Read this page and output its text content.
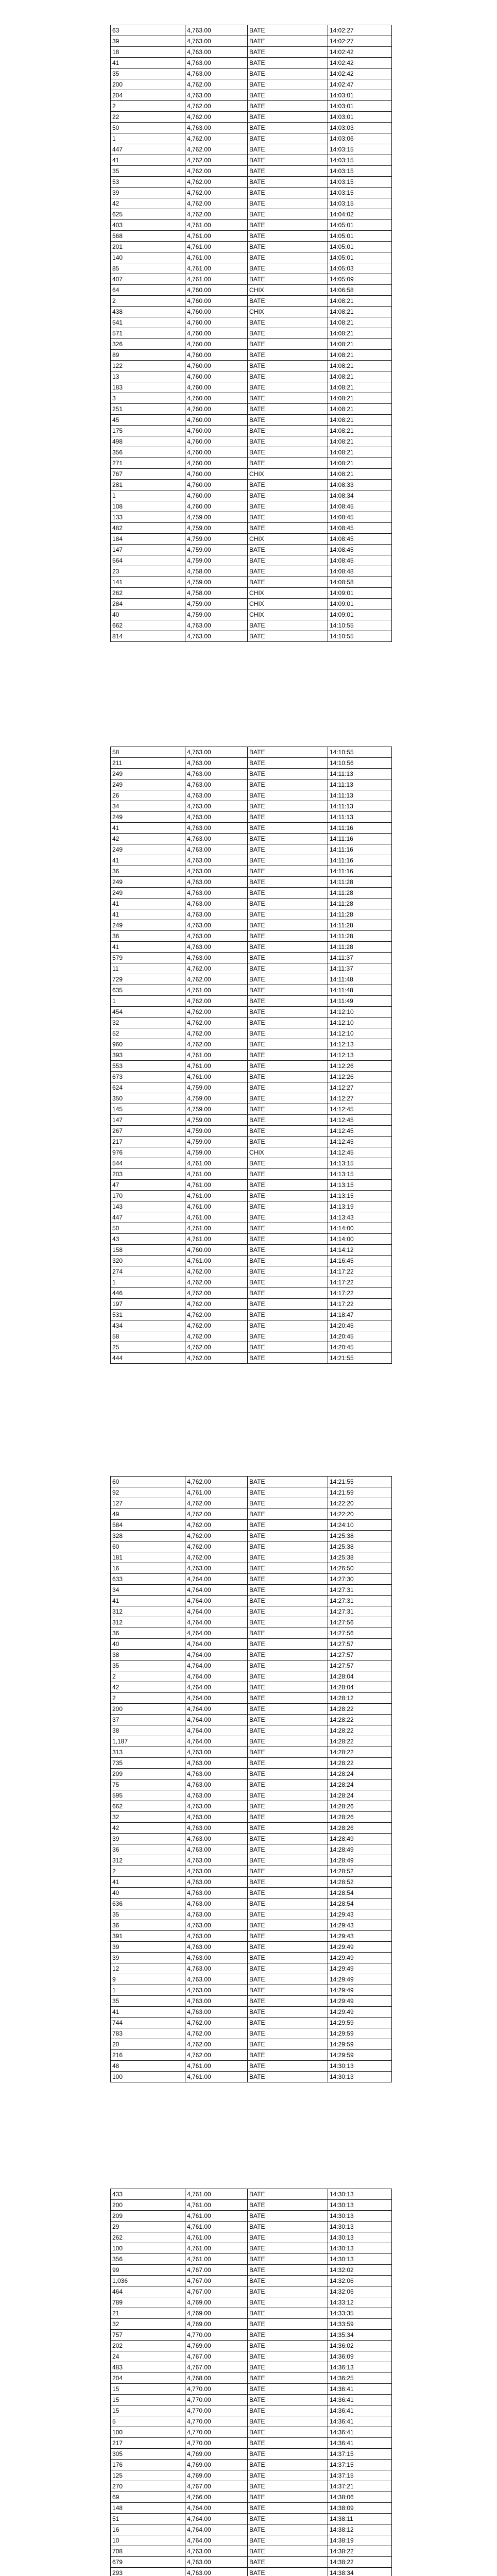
63	4,763.00	BATE	14:02:27
39	4,763.00	BATE	14:02:27
18	4,763.00	BATE	14:02:42
41	4,763.00	BATE	14:02:42
35	4,763.00	BATE	14:02:42
200	4,762.00	BATE	14:02:47
204	4,763.00	BATE	14:03:01
2	4,762.00	BATE	14:03:01
22	4,762.00	BATE	14:03:01
50	4,763.00	BATE	14:03:03
1	4,762.00	BATE	14:03:06
447	4,762.00	BATE	14:03:15
41	4,762.00	BATE	14:03:15
35	4,762.00	BATE	14:03:15
53	4,762.00	BATE	14:03:15
39	4,762.00	BATE	14:03:15
42	4,762.00	BATE	14:03:15
625	4,762.00	BATE	14:04:02
403	4,761.00	BATE	14:05:01
568	4,761.00	BATE	14:05:01
201	4,761.00	BATE	14:05:01
140	4,761.00	BATE	14:05:01
85	4,761.00	BATE	14:05:03
407	4,761.00	BATE	14:05:09
64	4,760.00	CHIX	14:06:58
2	4,760.00	BATE	14:08:21
438	4,760.00	CHIX	14:08:21
541	4,760.00	BATE	14:08:21
571	4,760.00	BATE	14:08:21
326	4,760.00	BATE	14:08:21
89	4,760.00	BATE	14:08:21
122	4,760.00	BATE	14:08:21
13	4,760.00	BATE	14:08:21
183	4,760.00	BATE	14:08:21
3	4,760.00	BATE	14:08:21
251	4,760.00	BATE	14:08:21
45	4,760.00	BATE	14:08:21
175	4,760.00	BATE	14:08:21
498	4,760.00	BATE	14:08:21
356	4,760.00	BATE	14:08:21
271	4,760.00	BATE	14:08:21
767	4,760.00	CHIX	14:08:21
281	4,760.00	BATE	14:08:33
1	4,760.00	BATE	14:08:34
108	4,760.00	BATE	14:08:45
133	4,759.00	BATE	14:08:45
482	4,759.00	BATE	14:08:45
184	4,759.00	CHIX	14:08:45
147	4,759.00	BATE	14:08:45
564	4,759.00	BATE	14:08:45
23	4,758.00	BATE	14:08:48
141	4,759.00	BATE	14:08:58
262	4,758.00	CHIX	14:09:01
284	4,759.00	CHIX	14:09:01
40	4,759.00	CHIX	14:09:01
662	4,763.00	BATE	14:10:55
814	4,763.00	BATE	14:10:55
58	4,763.00	BATE	14:10:55
211	4,763.00	BATE	14:10:56
249	4,763.00	BATE	14:11:13
249	4,763.00	BATE	14:11:13
26	4,763.00	BATE	14:11:13
34	4,763.00	BATE	14:11:13
249	4,763.00	BATE	14:11:13
41	4,763.00	BATE	14:11:16
42	4,763.00	BATE	14:11:16
249	4,763.00	BATE	14:11:16
41	4,763.00	BATE	14:11:16
36	4,763.00	BATE	14:11:16
249	4,763.00	BATE	14:11:28
249	4,763.00	BATE	14:11:28
41	4,763.00	BATE	14:11:28
41	4,763.00	BATE	14:11:28
249	4,763.00	BATE	14:11:28
36	4,763.00	BATE	14:11:28
41	4,763.00	BATE	14:11:28
579	4,763.00	BATE	14:11:37
11	4,762.00	BATE	14:11:37
729	4,762.00	BATE	14:11:48
635	4,761.00	BATE	14:11:48
1	4,762.00	BATE	14:11:49
454	4,762.00	BATE	14:12:10
32	4,762.00	BATE	14:12:10
52	4,762.00	BATE	14:12:10
960	4,762.00	BATE	14:12:13
393	4,761.00	BATE	14:12:13
553	4,761.00	BATE	14:12:26
673	4,761.00	BATE	14:12:26
624	4,759.00	BATE	14:12:27
350	4,759.00	BATE	14:12:27
145	4,759.00	BATE	14:12:45
147	4,759.00	BATE	14:12:45
267	4,759.00	BATE	14:12:45
217	4,759.00	BATE	14:12:45
976	4,759.00	CHIX	14:12:45
544	4,761.00	BATE	14:13:15
203	4,761.00	BATE	14:13:15
47	4,761.00	BATE	14:13:15
170	4,761.00	BATE	14:13:15
143	4,761.00	BATE	14:13:19
447	4,761.00	BATE	14:13:43
50	4,761.00	BATE	14:14:00
43	4,761.00	BATE	14:14:00
158	4,760.00	BATE	14:14:12
320	4,761.00	BATE	14:16:45
274	4,762.00	BATE	14:17:22
1	4,762.00	BATE	14:17:22
446	4,762.00	BATE	14:17:22
197	4,762.00	BATE	14:17:22
531	4,762.00	BATE	14:18:47
434	4,762.00	BATE	14:20:45
58	4,762.00	BATE	14:20:45
25	4,762.00	BATE	14:20:45
444	4,762.00	BATE	14:21:55
60	4,762.00	BATE	14:21:55
92	4,761.00	BATE	14:21:59
127	4,762.00	BATE	14:22:20
49	4,762.00	BATE	14:22:20
584	4,762.00	BATE	14:24:10
328	4,762.00	BATE	14:25:38
60	4,762.00	BATE	14:25:38
181	4,762.00	BATE	14:25:38
16	4,763.00	BATE	14:26:50
633	4,764.00	BATE	14:27:30
34	4,764.00	BATE	14:27:31
41	4,764.00	BATE	14:27:31
312	4,764.00	BATE	14:27:31
312	4,764.00	BATE	14:27:56
36	4,764.00	BATE	14:27:56
40	4,764.00	BATE	14:27:57
38	4,764.00	BATE	14:27:57
35	4,764.00	BATE	14:27:57
2	4,764.00	BATE	14:28:04
42	4,764.00	BATE	14:28:04
2	4,764.00	BATE	14:28:12
200	4,764.00	BATE	14:28:22
37	4,764.00	BATE	14:28:22
38	4,764.00	BATE	14:28:22
1,187	4,764.00	BATE	14:28:22
313	4,763.00	BATE	14:28:22
735	4,763.00	BATE	14:28:22
209	4,763.00	BATE	14:28:24
75	4,763.00	BATE	14:28:24
595	4,763.00	BATE	14:28:24
662	4,763.00	BATE	14:28:26
32	4,763.00	BATE	14:28:26
42	4,763.00	BATE	14:28:26
39	4,763.00	BATE	14:28:49
36	4,763.00	BATE	14:28:49
312	4,763.00	BATE	14:28:49
2	4,763.00	BATE	14:28:52
41	4,763.00	BATE	14:28:52
40	4,763.00	BATE	14:28:54
636	4,763.00	BATE	14:28:54
35	4,763.00	BATE	14:29:43
36	4,763.00	BATE	14:29:43
391	4,763.00	BATE	14:29:43
39	4,763.00	BATE	14:29:49
39	4,763.00	BATE	14:29:49
12	4,763.00	BATE	14:29:49
9	4,763.00	BATE	14:29:49
1	4,763.00	BATE	14:29:49
35	4,763.00	BATE	14:29:49
41	4,763.00	BATE	14:29:49
744	4,762.00	BATE	14:29:59
783	4,762.00	BATE	14:29:59
20	4,762.00	BATE	14:29:59
216	4,762.00	BATE	14:29:59
48	4,761.00	BATE	14:30:13
100	4,761.00	BATE	14:30:13
433	4,761.00	BATE	14:30:13
200	4,761.00	BATE	14:30:13
209	4,761.00	BATE	14:30:13
29	4,761.00	BATE	14:30:13
262	4,761.00	BATE	14:30:13
100	4,761.00	BATE	14:30:13
356	4,761.00	BATE	14:30:13
99	4,767.00	BATE	14:32:02
1,036	4,767.00	BATE	14:32:06
464	4,767.00	BATE	14:32:06
789	4,769.00	BATE	14:33:12
21	4,769.00	BATE	14:33:35
32	4,769.00	BATE	14:33:59
757	4,770.00	BATE	14:35:34
202	4,769.00	BATE	14:36:02
24	4,767.00	BATE	14:36:09
483	4,767.00	BATE	14:36:13
204	4,768.00	BATE	14:36:25
15	4,770.00	BATE	14:36:41
15	4,770.00	BATE	14:36:41
15	4,770.00	BATE	14:36:41
5	4,770.00	BATE	14:36:41
100	4,770.00	BATE	14:36:41
217	4,770.00	BATE	14:36:41
305	4,769.00	BATE	14:37:15
176	4,769.00	BATE	14:37:15
125	4,769.00	BATE	14:37:15
270	4,767.00	BATE	14:37:21
69	4,766.00	BATE	14:38:06
148	4,764.00	BATE	14:38:09
51	4,764.00	BATE	14:38:11
16	4,764.00	BATE	14:38:12
10	4,764.00	BATE	14:38:19
708	4,763.00	BATE	14:38:22
679	4,763.00	BATE	14:38:22
293	4,763.00	BATE	14:38:34
